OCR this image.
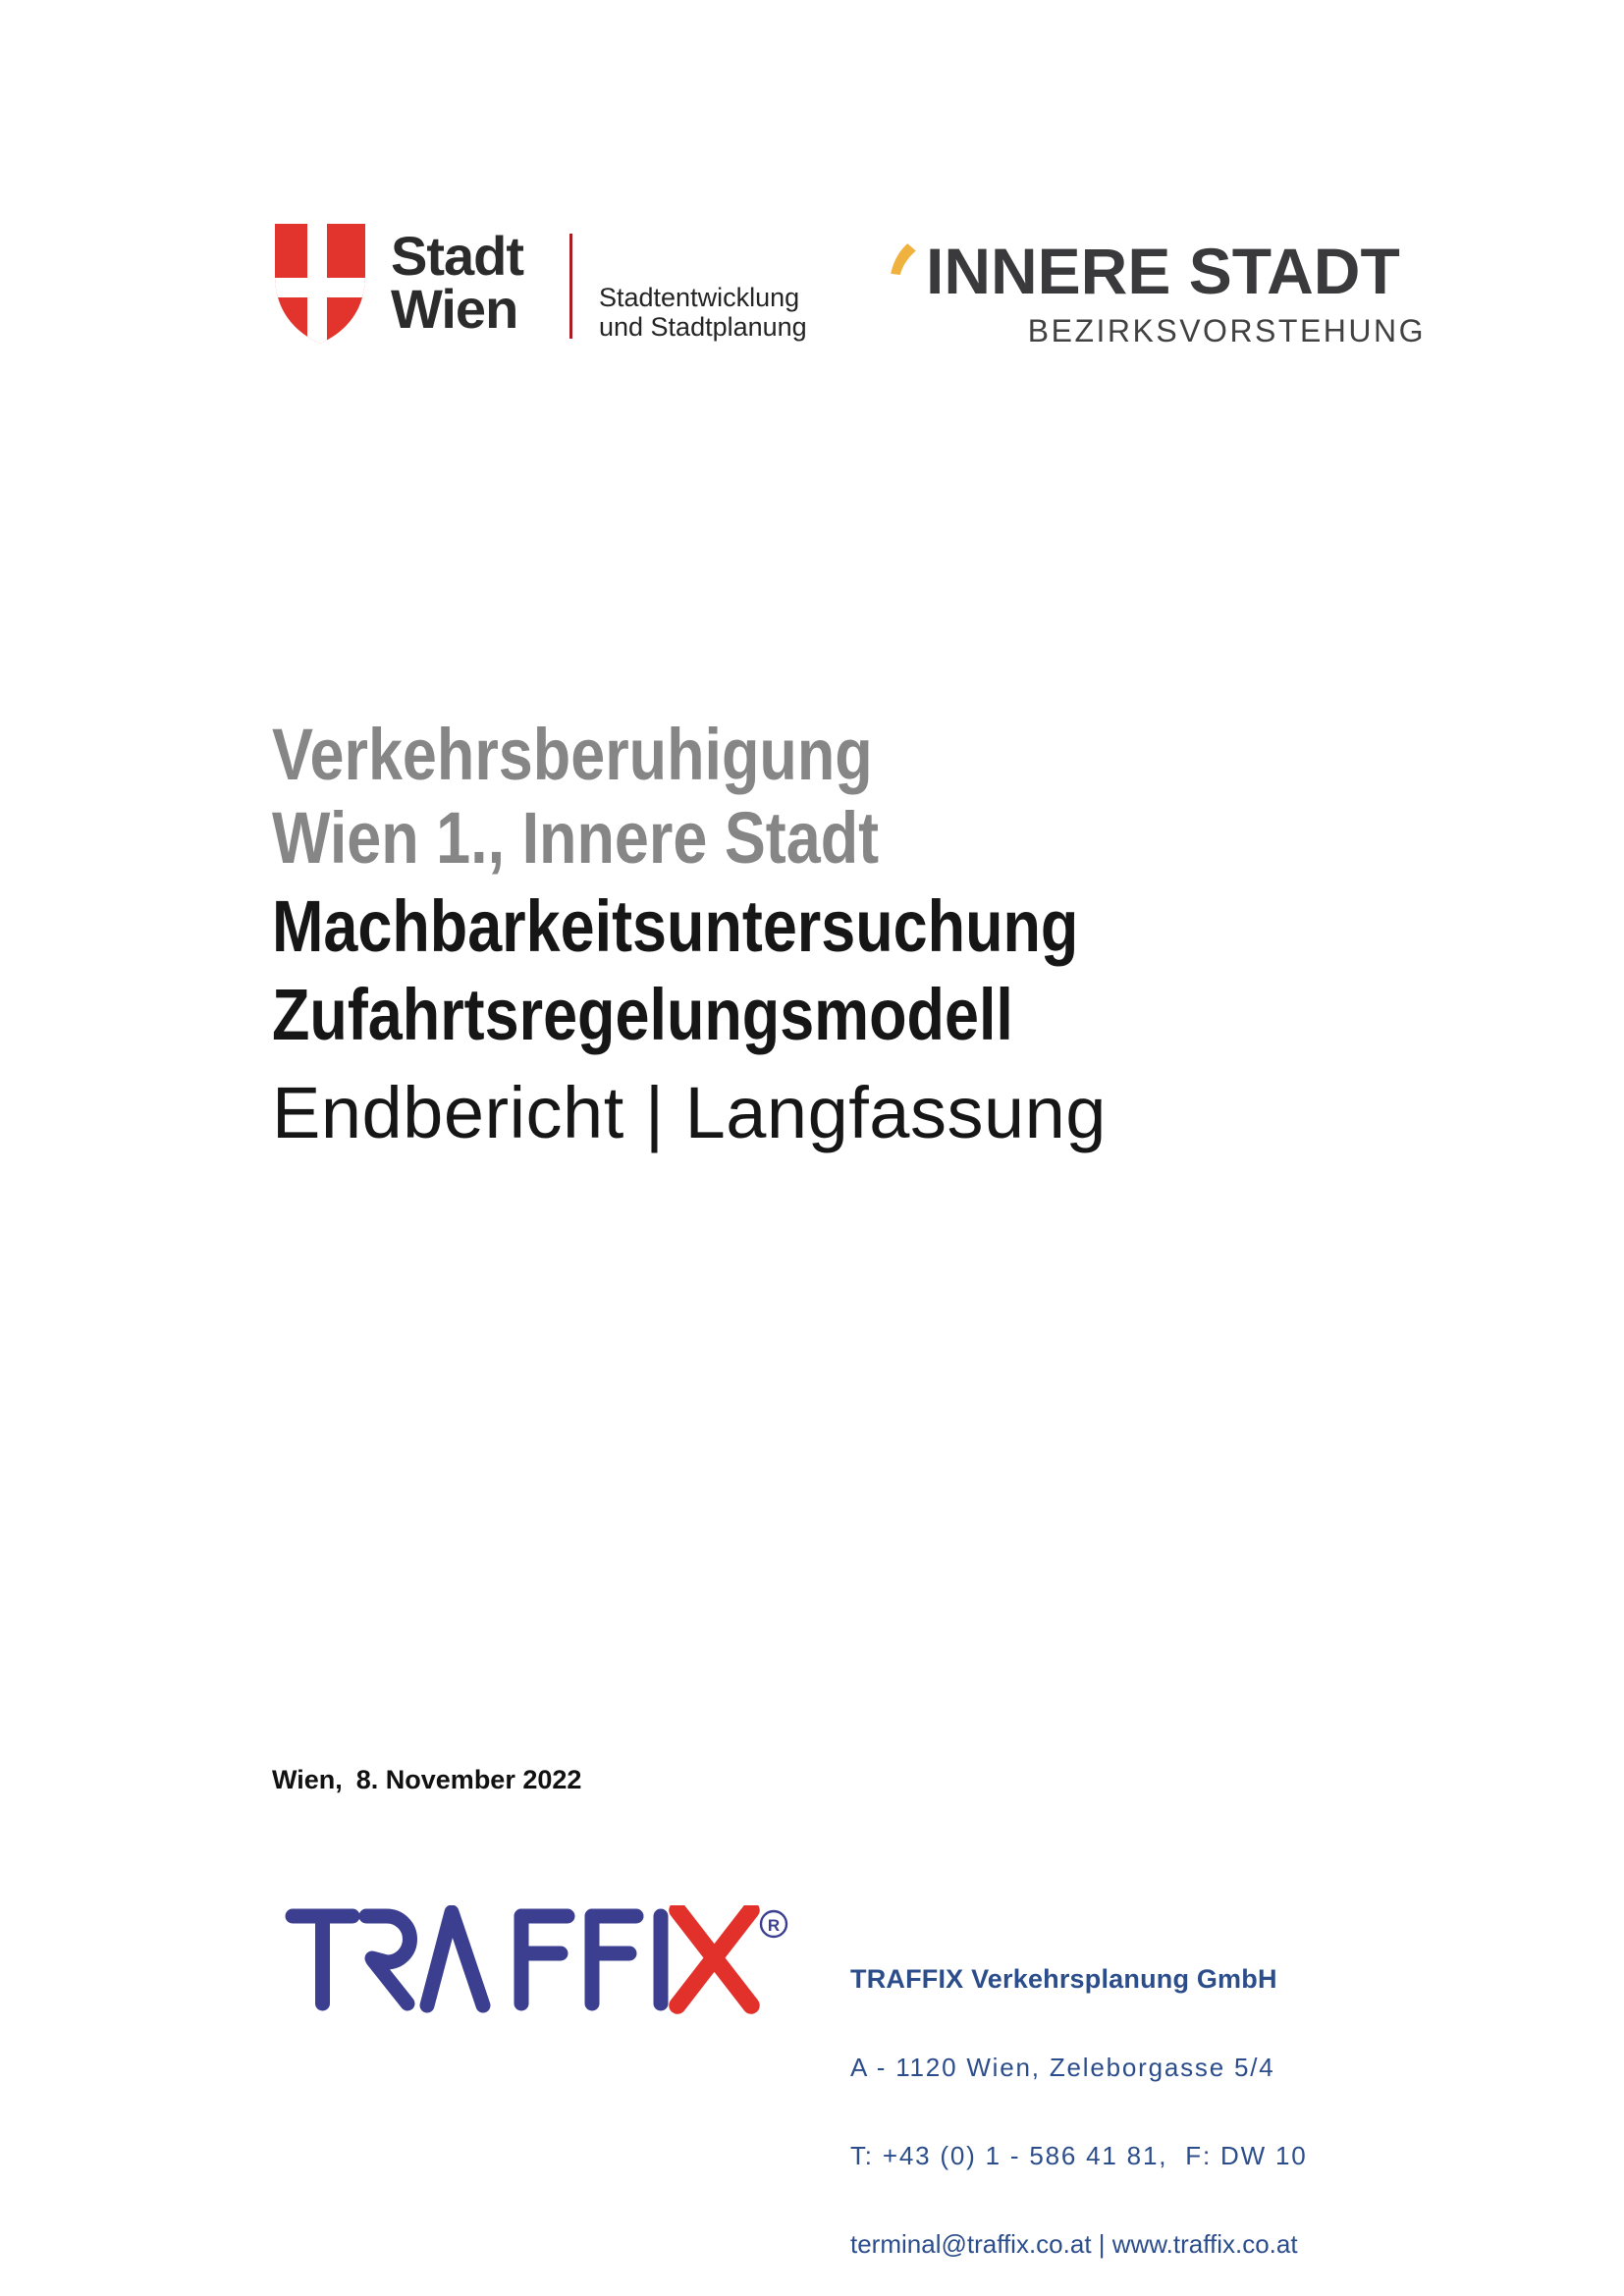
Stadt
Wien	Stadtentwicklung
und Stadtplanung
INNERE STADT
BEZIRKSVORSTEHUNG
Verkehrsberuhigung
Wien 1., Innere Stadt
Machbarkeitsuntersuchung
Zufahrtsregelungsmodell
Endbericht | Langfassung
Wien, 8. November 2022
R

TRAFFIX Verkehrsplanung GmbH

A - 1120 Wien, Zeleborgasse 5/4

T: +43 (0) 1 - 586 41 81,  F: DW 10

terminal@traffix.co.at | www.traffix.co.at
